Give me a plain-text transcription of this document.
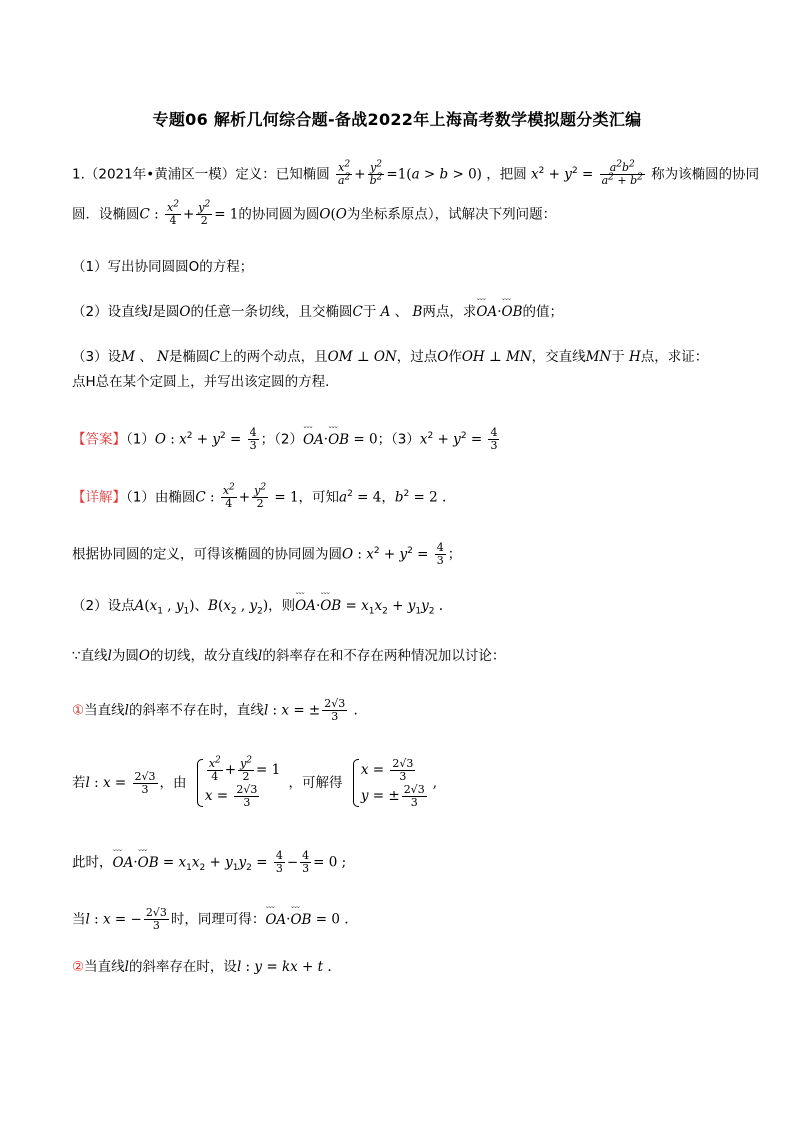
专题06 解析几何综合题-备战2022年上海高考数学模拟题分类汇编
1.（2021年•黄浦区一模）定义：已知椭圆 $\frac{x^2}{a^2} + \frac{y^2}{b^2} =1(a > b > 0)$ ，把圆 $x^2 + y^2 = \frac{a^2b^2}{a^2 + b^2}$ 称为该椭圆的协同
圆．设椭圆C : $\frac{x^2}{4} + \frac{y^2}{2} = 1$的协同圆为圆O(O为坐标系原点），试解决下列问题：
（1）写出协同圆圆O的方程；
（2）设直线l是圆O的任意一条切线，且交椭圆C于 A 、 B两点，求˘˘˘ OA·˘˘˘ OB的值；
（3）设M 、 N是椭圆C上的两个动点，且OM ⊥ ON，过点O作OH ⊥ MN，交直线MN于 H点，求证：
点H总在某个定圆上，并写出该定圆的方程．
【答案】（1）O : $x^2 + y^2 = \frac{4}{3}$ ；（2）˘˘˘ OA·˘˘˘ OB = 0；$(3)x^2 + y^2 = \frac{4}{3}$
【详解】（1）由椭圆C : $\frac{x^2}{4} + \frac{y^2}{2} = 1$，可知$a^2 = 4$，$b^2 = 2$ .
根据协同圆的定义，可得该椭圆的协同圆为圆O : $x^2 + y^2 = \frac{4}{3}$ ；
（2）设点$A(x_1$ , $y_1$)、$B(x_2$ , $y_2$)，则˘˘˘ OA·˘˘˘ OB = $x_1x_2 + y_1y_2$ .
∵直线l为圆O的切线，故分直线l的斜率存在和不存在两种情况加以讨论：
①当直线l的斜率不存在时，直线l : x = ± $\frac{2√3}{3}$ .
若l : $x = \frac{2√3}{3}$ ，由
$\frac{x^2}{4} + \frac{y^2}{2} = 1$
$x = \frac{2√3}{3}$
，可解得
$x = \frac{2√3}{3}$
y = ± $\frac{2√3}{3}$
,
此时，˘˘˘ OA·˘˘˘ OB = $x_1x_2 + y_1y_2 = \frac{4}{3} - \frac{4}{3} = 0$ ;
当l : x = − $\frac{2√3}{3}$ 时，同理可得：˘˘˘ OA·˘˘˘ OB = 0 .
②当直线l的斜率存在时，设l : y = kx + t .
